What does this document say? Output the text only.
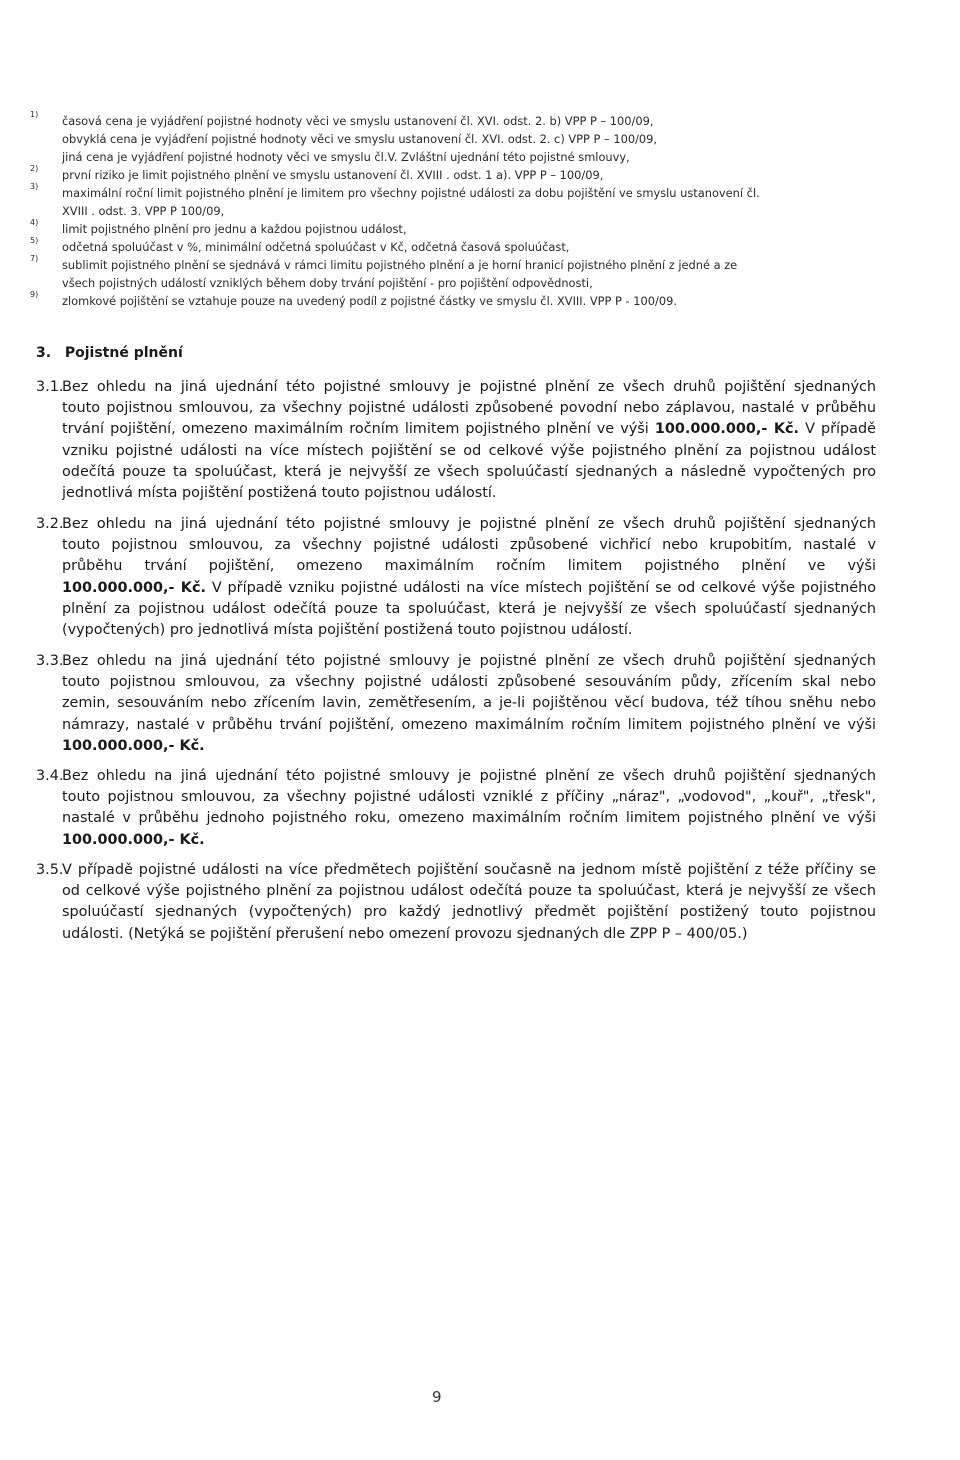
1) časová cena je vyjádření pojistné hodnoty věci ve smyslu ustanovení čl. XVI. odst. 2. b) VPP P – 100/09,
obvyklá cena je vyjádření pojistné hodnoty věci ve smyslu ustanovení čl. XVI. odst. 2. c) VPP P – 100/09,
jiná cena je vyjádření pojistné hodnoty věci ve smyslu čl.V. Zvláštní ujednání této pojistné smlouvy,
2) první riziko je limit pojistného plnění ve smyslu ustanovení čl. XVIII . odst. 1 a). VPP P – 100/09,
3) maximální roční limit pojistného plnění je limitem pro všechny pojistné události za dobu pojištění ve smyslu ustanovení čl.
XVIII . odst. 3. VPP P 100/09,
4) limit pojistného plnění pro jednu a každou pojistnou událost,
5) odčetná spoluúčast v %, minimální odčetná spoluúčast v Kč, odčetná časová spoluúčast,
7) sublimit pojistného plnění se sjednává v rámci limitu pojistného plnění a je horní hranicí pojistného plnění z jedné a ze
všech pojistných událostí vzniklých během doby trvání pojištění - pro pojištění odpovědnosti,
9) zlomkové pojištění se vztahuje pouze na uvedený podíl z pojistné částky ve smyslu čl. XVIII. VPP P - 100/09.
3. Pojistné plnění
3.1.
Bez ohledu na jiná ujednání této pojistné smlouvy je pojistné plnění ze všech druhů pojištění sjednaných
touto pojistnou smlouvou, za všechny pojistné události způsobené povodní nebo záplavou, nastalé v průběhu
trvání pojištění, omezeno maximálním ročním limitem pojistného plnění ve výši 100.000.000,- Kč. V případě
vzniku pojistné události na více místech pojištění se od celkové výše pojistného plnění za pojistnou událost
odečítá pouze ta spoluúčast, která je nejvyšší ze všech spoluúčastí sjednaných a následně vypočtených pro
jednotlivá místa pojištění postižená touto pojistnou událostí.
3.2.
Bez ohledu na jiná ujednání této pojistné smlouvy je pojistné plnění ze všech druhů pojištění sjednaných
touto pojistnou smlouvou, za všechny pojistné události způsobené vichřicí nebo krupobitím, nastalé v
průběhu trvání pojištění, omezeno maximálním ročním limitem pojistného plnění ve výši
100.000.000,- Kč. V případě vzniku pojistné události na více místech pojištění se od celkové výše pojistného
plnění za pojistnou událost odečítá pouze ta spoluúčast, která je nejvyšší ze všech spoluúčastí sjednaných
(vypočtených) pro jednotlivá místa pojištění postižená touto pojistnou událostí.
3.3.
Bez ohledu na jiná ujednání této pojistné smlouvy je pojistné plnění ze všech druhů pojištění sjednaných
touto pojistnou smlouvou, za všechny pojistné události způsobené sesouváním půdy, zřícením skal nebo
zemin, sesouváním nebo zřícením lavin, zemětřesením, a je-li pojištěnou věcí budova, též tíhou sněhu nebo
námrazy, nastalé v průběhu trvání pojištění, omezeno maximálním ročním limitem pojistného plnění ve výši
100.000.000,- Kč.
3.4.
Bez ohledu na jiná ujednání této pojistné smlouvy je pojistné plnění ze všech druhů pojištění sjednaných
touto pojistnou smlouvou, za všechny pojistné události vzniklé z příčiny „náraz", „vodovod", „kouř", „třesk",
nastalé v průběhu jednoho pojistného roku, omezeno maximálním ročním limitem pojistného plnění ve výši
100.000.000,- Kč.
3.5.
V případě pojistné události na více předmětech pojištění současně na jednom místě pojištění z téže příčiny se
od celkové výše pojistného plnění za pojistnou událost odečítá pouze ta spoluúčast, která je nejvyšší ze všech
spoluúčastí sjednaných (vypočtených) pro každý jednotlivý předmět pojištění postižený touto pojistnou
události. (Netýká se pojištění přerušení nebo omezení provozu sjednaných dle ZPP P – 400/05.)
9
